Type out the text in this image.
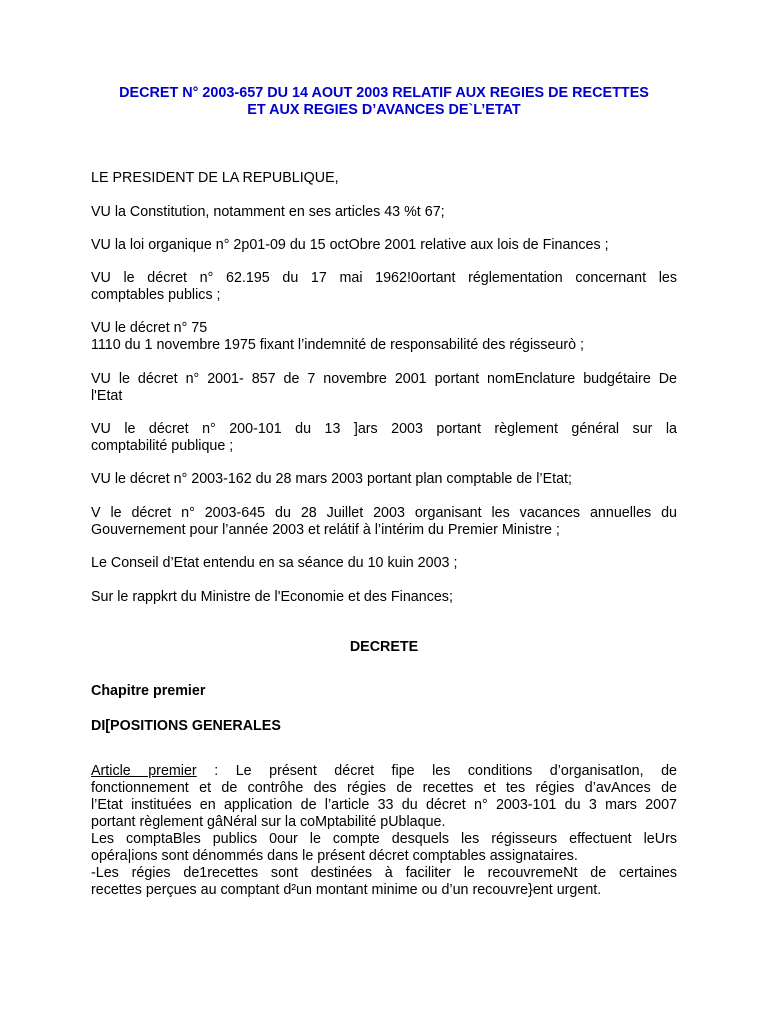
DECRET N° 2003-657 DU 14 AOUT 2003 RELATIF AUX REGIES DE RECETTES
ET AUX REGIES D’AVANCES DE`L’ETAT
LE PRESIDENT DE LA REPUBLIQUE,
VU la Constitution, notamment en ses articles 43 %t 67;
VU la loi organique n° 2p01-09 du 15 octObre 2001 relative aux lois de Finances ;
VU le décret n° 62.195 du 17 mai 1962!0ortant réglementation concernant les
comptables publics ;
VU le décret n° 75
1110 du 1 novembre 1975 fixant l’indemnité de responsabilité des régisseurò ;
VU le décret n° 2001- 857 de 7 novembre 2001 portant nomEnclature budgétaire De
l'Etat
VU le décret n° 200-101 du 13 ]ars 2003 portant règlement général sur la
comptabilité publique ;
VU le décret n° 2003-162 du 28 mars 2003 portant plan comptable de l’Etat;
V le décret n° 2003-645 du 28 Juillet 2003 organisant les vacances annuelles du
Gouvernement pour l’année 2003 et relátif à l’intérim du Premier Ministre ;
Le Conseil d’Etat entendu en sa séance du 10 kuin 2003 ;
Sur le rappkrt du Ministre de l'Economie et des Finances;
DECRETE
Chapitre premier
DI[POSITIONS GENERALES
Article premier : Le présent décret fipe les conditions d’organisatIon, de
fonctionnement et de contrôhe des régies de recettes et tes régies d’avAnces de
l’Etat instituées en application de l’article 33 du décret n° 2003-101 du 3 mars 2007
portant règlement gâNéral sur la coMptabilité pUblaque.
Les comptaBles publics 0our le compte desquels les régisseurs effectuent leUrs
opéra|ions sont dénommés dans le présent décret comptables assignataires.
-Les régies de1recettes sont destinées à faciliter le recouvremeNt de certaines
recettes perçues au comptant d²un montant minime ou d’un recouvre}ent urgent.
